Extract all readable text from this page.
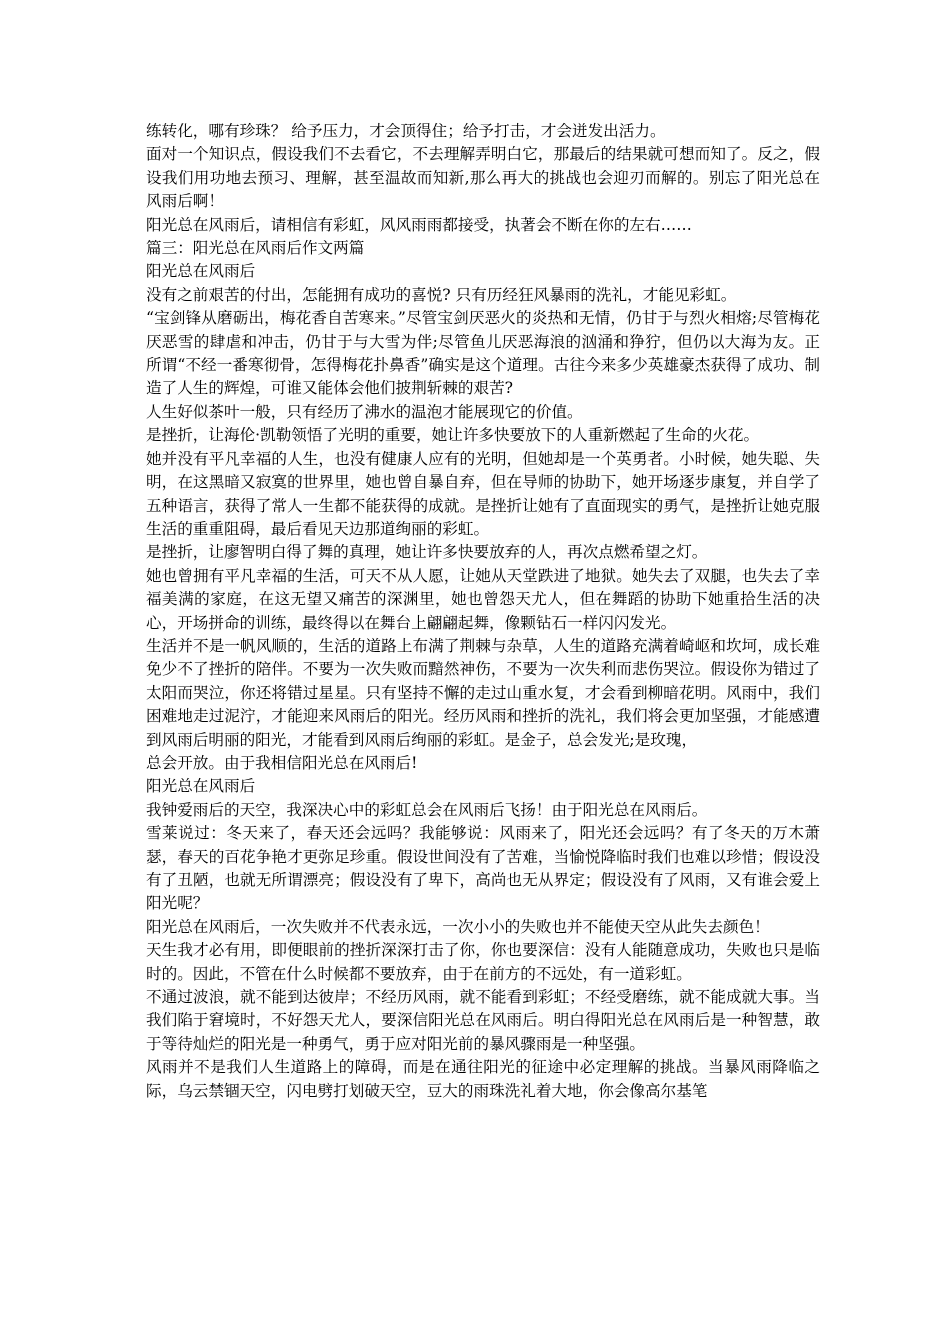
练转化，哪有珍珠？ 给予压力，才会顶得住；给予打击，才会迸发出活力。

面对一个知识点，假设我们不去看它，不去理解弄明白它，那最后的结果就可想而知了。反之，假设我们用功地去预习、理解，甚至温故而知新,那么再大的挑战也会迎刃而解的。别忘了阳光总在风雨后啊！

阳光总在风雨后，请相信有彩虹，风风雨雨都接受，执著会不断在你的左右……

篇三：阳光总在风雨后作文两篇

阳光总在风雨后

没有之前艰苦的付出，怎能拥有成功的喜悦? 只有历经狂风暴雨的洗礼，才能见彩虹。

“宝剑锋从磨砺出，梅花香自苦寒来。”尽管宝剑厌恶火的炎热和无情，仍甘于与烈火相熔;尽管梅花厌恶雪的肆虐和冲击，仍甘于与大雪为伴;尽管鱼儿厌恶海浪的汹涌和狰狞，但仍以大海为友。正所谓“不经一番寒彻骨，怎得梅花扑鼻香”确实是这个道理。古往今来多少英雄豪杰获得了成功、制造了人生的辉煌，可谁又能体会他们披荆斩棘的艰苦?

人生好似茶叶一般，只有经历了沸水的温泡才能展现它的价值。

是挫折，让海伦·凯勒领悟了光明的重要，她让许多快要放下的人重新燃起了生命的火花。

她并没有平凡幸福的人生，也没有健康人应有的光明，但她却是一个英勇者。小时候，她失聪、失明，在这黑暗又寂寞的世界里，她也曾自暴自弃，但在导师的协助下，她开场逐步康复，并自学了五种语言，获得了常人一生都不能获得的成就。是挫折让她有了直面现实的勇气，是挫折让她克服生活的重重阻碍，最后看见天边那道绚丽的彩虹。

是挫折，让廖智明白得了舞的真理，她让许多快要放弃的人，再次点燃希望之灯。

她也曾拥有平凡幸福的生活，可天不从人愿，让她从天堂跌进了地狱。她失去了双腿，也失去了幸福美满的家庭，在这无望又痛苦的深渊里，她也曾怨天尤人，但在舞蹈的协助下她重拾生活的决心，开场拼命的训练，最终得以在舞台上翩翩起舞，像颗钻石一样闪闪发光。

生活并不是一帆风顺的，生活的道路上布满了荆棘与杂草，人生的道路充满着崎岖和坎坷，成长难免少不了挫折的陪伴。不要为一次失败而黯然神伤，不要为一次失利而悲伤哭泣。假设你为错过了太阳而哭泣，你还将错过星星。只有坚持不懈的走过山重水复，才会看到柳暗花明。风雨中，我们困难地走过泥泞，才能迎来风雨后的阳光。经历风雨和挫折的洗礼，我们将会更加坚强，才能感遭到风雨后明丽的阳光，才能看到风雨后绚丽的彩虹。是金子，总会发光;是玫瑰，

总会开放。由于我相信阳光总在风雨后!

阳光总在风雨后

我钟爱雨后的天空，我深决心中的彩虹总会在风雨后飞扬！由于阳光总在风雨后。

雪莱说过：冬天来了，春天还会远吗？我能够说：风雨来了，阳光还会远吗？有了冬天的万木萧瑟，春天的百花争艳才更弥足珍重。假设世间没有了苦难，当愉悦降临时我们也难以珍惜；假设没有了丑陋，也就无所谓漂亮；假设没有了卑下，高尚也无从界定；假设没有了风雨，又有谁会爱上阳光呢？

阳光总在风雨后，一次失败并不代表永远，一次小小的失败也并不能使天空从此失去颜色！

天生我才必有用，即便眼前的挫折深深打击了你，你也要深信：没有人能随意成功，失败也只是临时的。因此，不管在什么时候都不要放弃，由于在前方的不远处，有一道彩虹。

不通过波浪，就不能到达彼岸；不经历风雨，就不能看到彩虹；不经受磨练，就不能成就大事。当我们陷于窘境时，不好怨天尤人，要深信阳光总在风雨后。明白得阳光总在风雨后是一种智慧，敢于等待灿烂的阳光是一种勇气，勇于应对阳光前的暴风骤雨是一种坚强。

风雨并不是我们人生道路上的障碍，而是在通往阳光的征途中必定理解的挑战。当暴风雨降临之际，乌云禁锢天空，闪电劈打划破天空，豆大的雨珠洗礼着大地，你会像高尔基笔
